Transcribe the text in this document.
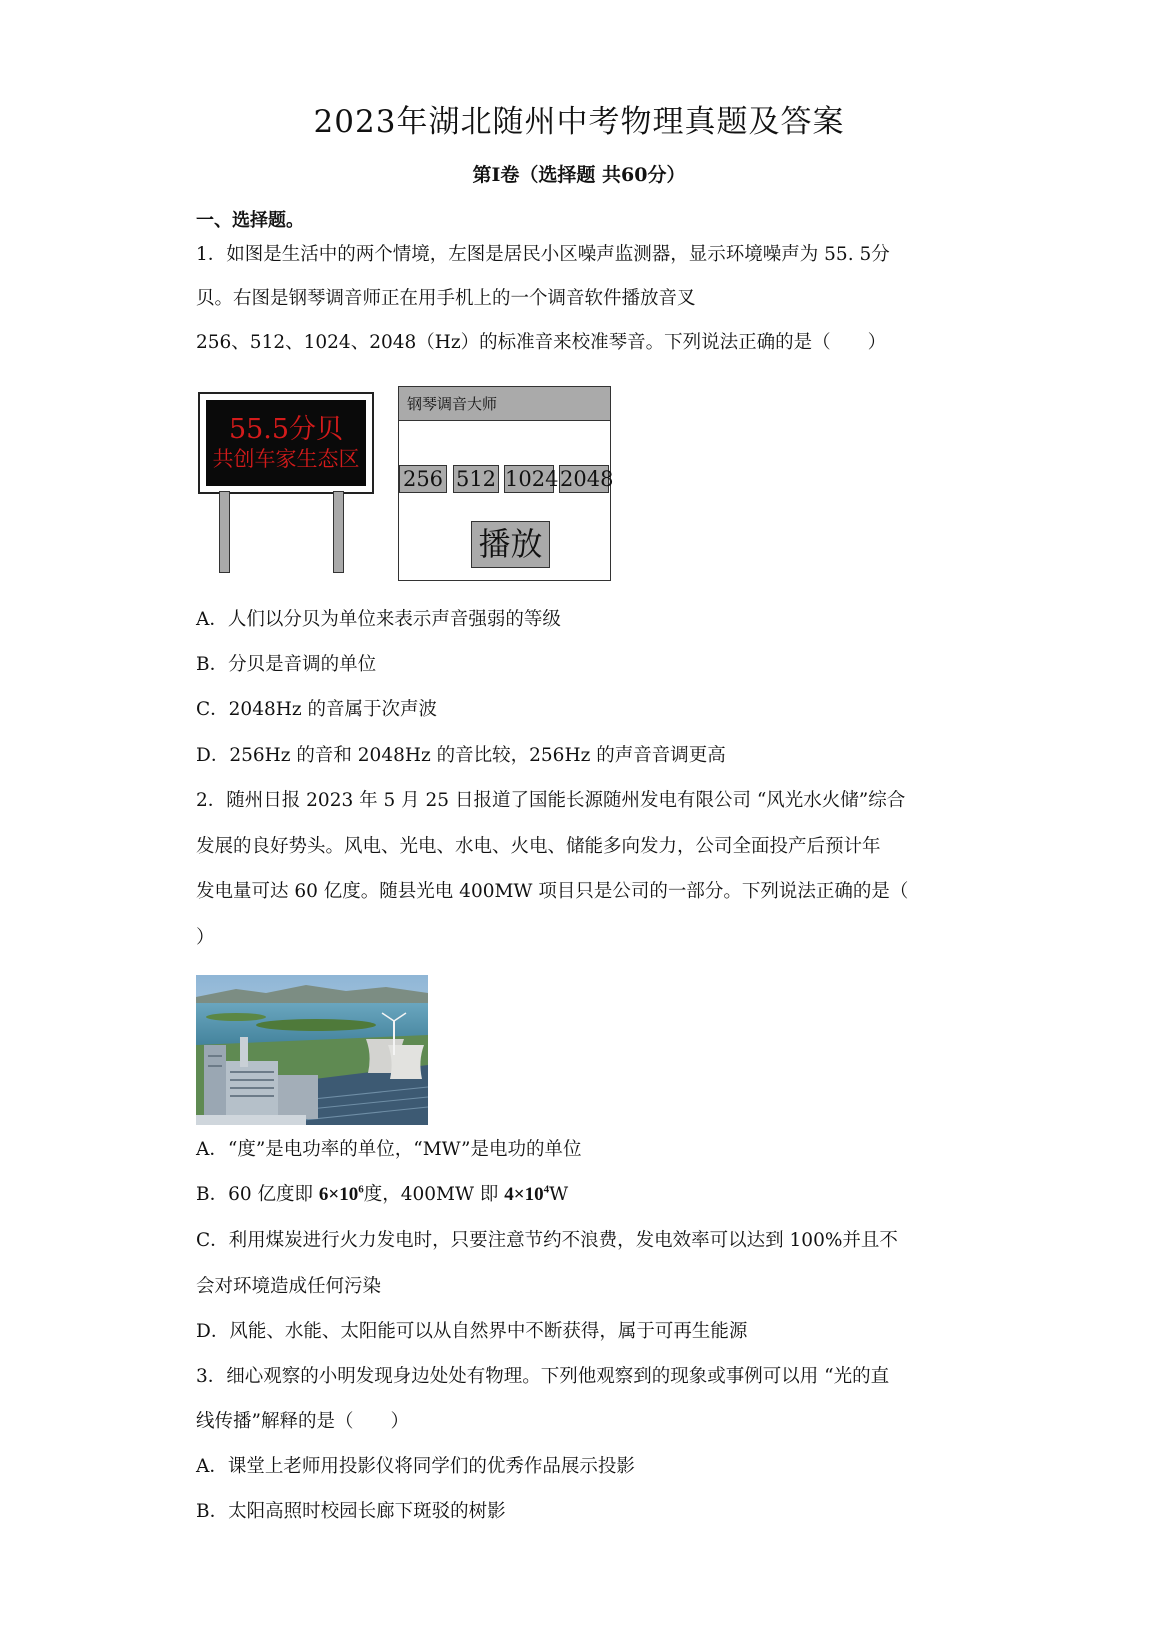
2023年湖北随州中考物理真题及答案
第Ⅰ卷（选择题 共60分）
一、选择题。
1．如图是生活中的两个情境，左图是居民小区噪声监测器，显示环境噪声为 55. 5分
贝。右图是钢琴调音师正在用手机上的一个调音软件播放音叉
256、512、1024、2048（Hz）的标准音来校准琴音。下列说法正确的是（　　）
55.5分贝
共创车家生态区
钢琴调音大师
256 512 1024 2048
播放
A．人们以分贝为单位来表示声音强弱的等级
B．分贝是音调的单位
C．2048Hz 的音属于次声波
D．256Hz 的音和 2048Hz 的音比较，256Hz 的声音音调更高
2．随州日报 2023 年 5 月 25 日报道了国能长源随州发电有限公司 “风光水火储”综合
发展的良好势头。风电、光电、水电、火电、储能多向发力，公司全面投产后预计年
发电量可达 60 亿度。随县光电 400MW 项目只是公司的一部分。下列说法正确的是（
）
A．“度”是电功率的单位，“MW”是电功的单位
B．60 亿度即 $6\times 10^6$度，400MW 即 $4\times 10^4W$
C．利用煤炭进行火力发电时，只要注意节约不浪费，发电效率可以达到 100%并且不
会对环境造成任何污染
D．风能、水能、太阳能可以从自然界中不断获得，属于可再生能源
3．细心观察的小明发现身边处处有物理。下列他观察到的现象或事例可以用 “光的直
线传播”解释的是（　　）
A．课堂上老师用投影仪将同学们的优秀作品展示投影
B．太阳高照时校园长廊下斑驳的树影
